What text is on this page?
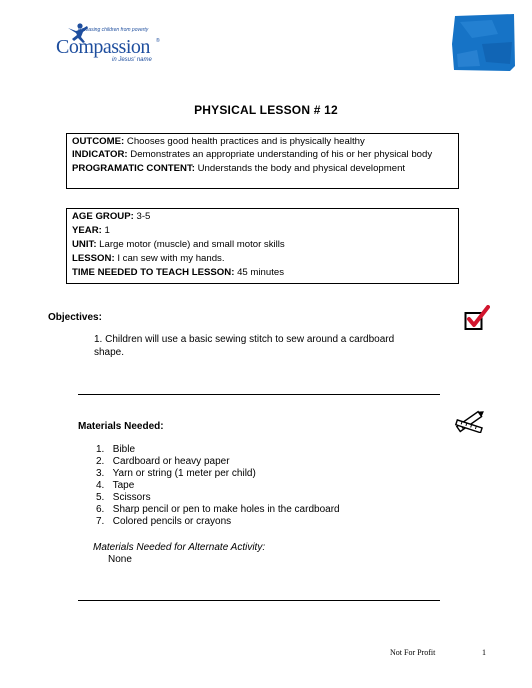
Releasing children from poverty
Compassion ®
in Jesus' name
PHYSICAL LESSON # 12
OUTCOME: Chooses good health practices and is physically healthy
INDICATOR: Demonstrates an appropriate understanding of his or her physical body
PROGRAMATIC CONTENT: Understands the body and physical development
AGE GROUP: 3-5
YEAR: 1
UNIT: Large motor (muscle) and small motor skills
LESSON: I can sew with my hands.
TIME NEEDED TO TEACH LESSON: 45 minutes
Objectives:
1. Children will use a basic sewing stitch to sew around a cardboard shape.
Materials Needed:
1. Bible
2. Cardboard or heavy paper
3. Yarn or string (1 meter per child)
4. Tape
5. Scissors
6. Sharp pencil or pen to make holes in the cardboard
7. Colored pencils or crayons
Materials Needed for Alternate Activity:
None
Not For Profit	1
